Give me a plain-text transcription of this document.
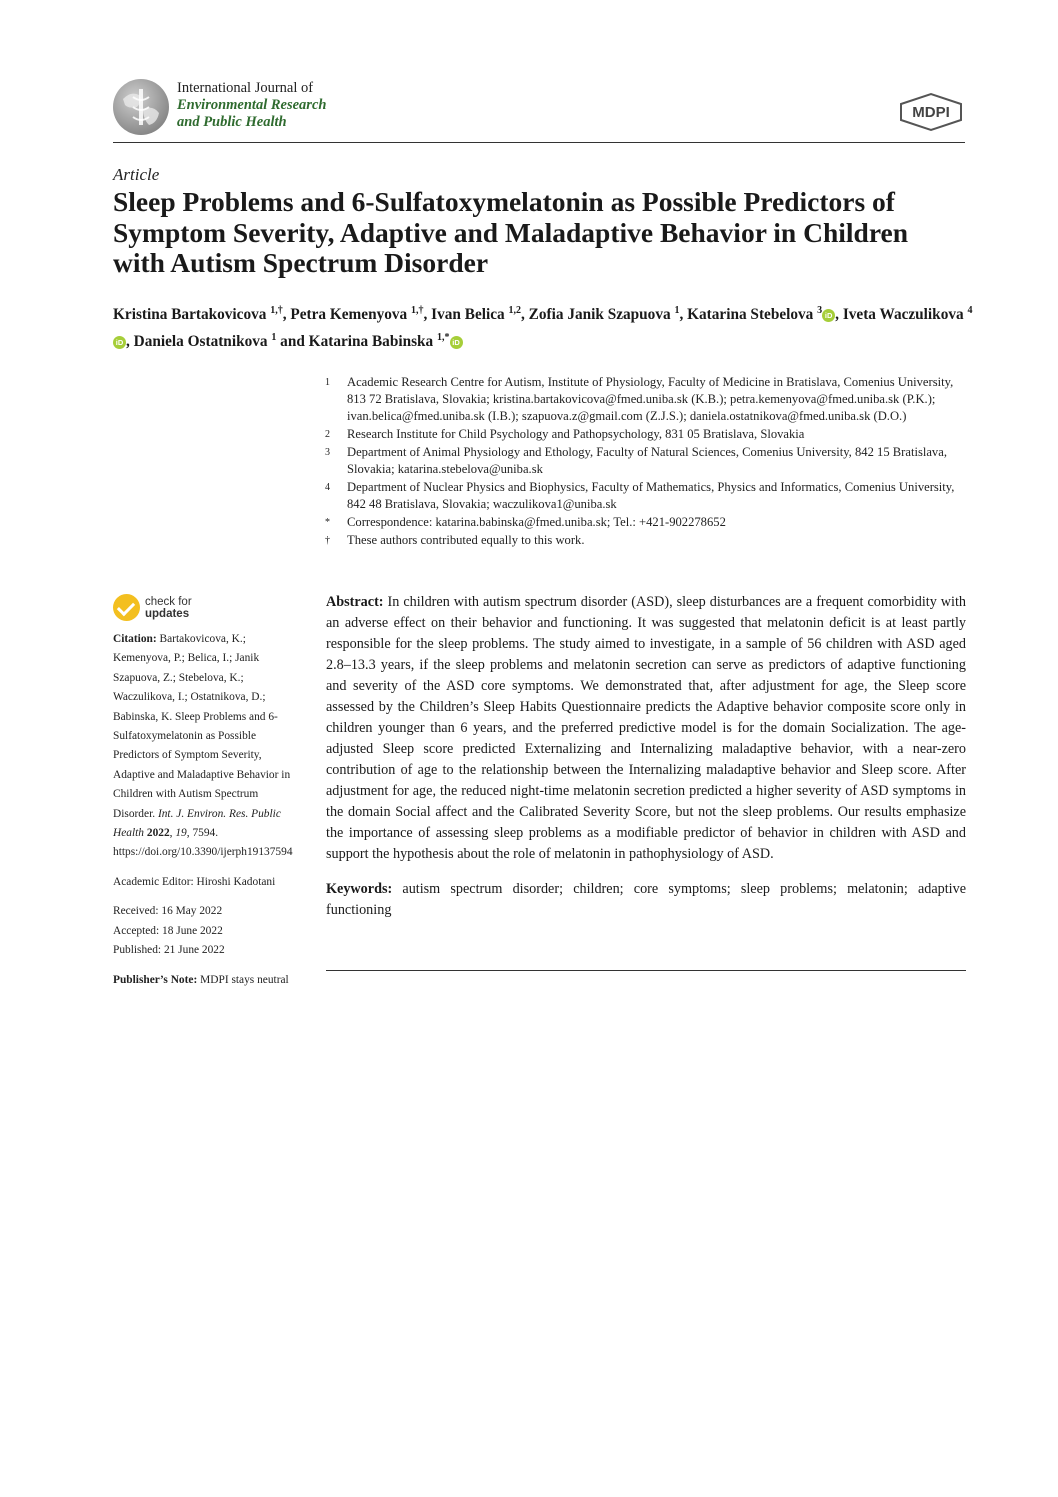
International Journal of
Environmental Research
and Public Health
MDPI
Article
Sleep Problems and 6-Sulfatoxymelatonin as Possible Predictors of Symptom Severity, Adaptive and Maladaptive Behavior in Children with Autism Spectrum Disorder
Kristina Bartakovicova $^{1,\dagger}$, Petra Kemenyova $^{1,\dagger}$, Ivan Belica $^{1,2}$, Zofia Janik Szapuova $^1$, Katarina Stebelova $^3$ iD , Iveta Waczulikova $^4$iD , Daniela Ostatnikova $^1$ and Katarina Babinska $^{1,*}$ iD
1	Academic Research Centre for Autism, Institute of Physiology, Faculty of Medicine in Bratislava, Comenius University, 813 72 Bratislava, Slovakia; kristina.bartakovicova@fmed.uniba.sk (K.B.); petra.kemenyova@fmed.uniba.sk (P.K.); ivan.belica@fmed.uniba.sk (I.B.); szapuova.z@gmail.com (Z.J.S.); daniela.ostatnikova@fmed.uniba.sk (D.O.)
2	Research Institute for Child Psychology and Pathopsychology, 831 05 Bratislava, Slovakia
3	Department of Animal Physiology and Ethology, Faculty of Natural Sciences, Comenius University, 842 15 Bratislava, Slovakia; katarina.stebelova@uniba.sk
4	Department of Nuclear Physics and Biophysics, Faculty of Mathematics, Physics and Informatics, Comenius University, 842 48 Bratislava, Slovakia; waczulikova1@uniba.sk
*	Correspondence: katarina.babinska@fmed.uniba.sk; Tel.: +421-902278652
†	These authors contributed equally to this work.
check for
updates

Citation: Bartakovicova, K.; Kemenyova, P.; Belica, I.; Janik Szapuova, Z.; Stebelova, K.; Waczulikova, I.; Ostatnikova, D.; Babinska, K. Sleep Problems and 6-Sulfatoxymelatonin as Possible Predictors of Symptom Severity, Adaptive and Maladaptive Behavior in Children with Autism Spectrum Disorder. Int. J. Environ. Res. Public Health 2022, 19, 7594. https://doi.org/10.3390/ijerph19137594

Academic Editor: Hiroshi Kadotani

Received: 16 May 2022

Accepted: 18 June 2022

Published: 21 June 2022

Publisher’s Note: MDPI stays neutral

Abstract: In children with autism spectrum disorder (ASD), sleep disturbances are a frequent comorbidity with an adverse effect on their behavior and functioning. It was suggested that melatonin deficit is at least partly responsible for the sleep problems. The study aimed to investigate, in a sample of 56 children with ASD aged 2.8–13.3 years, if the sleep problems and melatonin secretion can serve as predictors of adaptive functioning and severity of the ASD core symptoms. We demonstrated that, after adjustment for age, the Sleep score assessed by the Children’s Sleep Habits Questionnaire predicts the Adaptive behavior composite score only in children younger than 6 years, and the preferred predictive model is for the domain Socialization. The age-adjusted Sleep score predicted Externalizing and Internalizing maladaptive behavior, with a near-zero contribution of age to the relationship between the Internalizing maladaptive behavior and Sleep score. After adjustment for age, the reduced night-time melatonin secretion predicted a higher severity of ASD symptoms in the domain Social affect and the Calibrated Severity Score, but not the sleep problems. Our results emphasize the importance of assessing sleep problems as a modifiable predictor of behavior in children with ASD and support the hypothesis about the role of melatonin in pathophysiology of ASD.

Keywords: autism spectrum disorder; children; core symptoms; sleep problems; melatonin; adaptive functioning
